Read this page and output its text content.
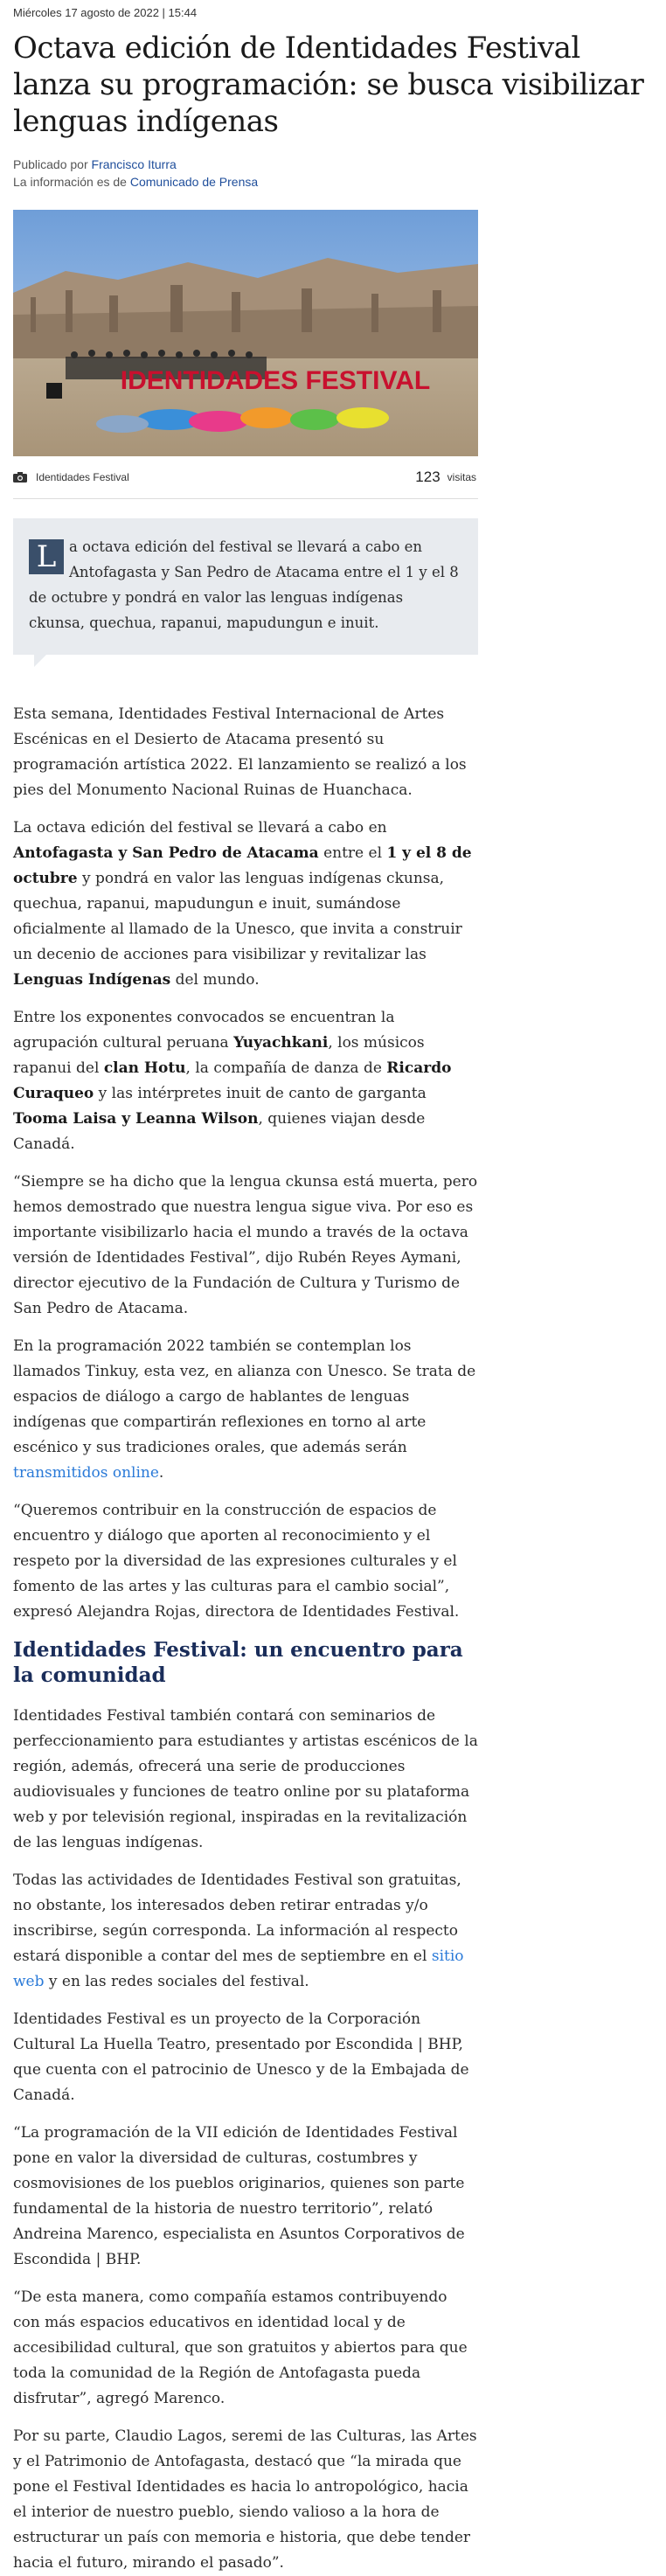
Miércoles 17 agosto de 2022 | 15:44
Octava edición de Identidades Festival lanza su programación: se busca visibilizar lenguas indígenas
Publicado por Francisco Iturra
La información es de Comunicado de Prensa
IDENTIDADES FESTIVAL
Identidades Festival	123 visitas
L a octava edición del festival se llevará a cabo en Antofagasta y San Pedro de Atacama entre el 1 y el 8 de octubre y pondrá en valor las lenguas indígenas ckunsa, quechua, rapanui, mapudungun e inuit.

Esta semana, Identidades Festival Internacional de Artes Escénicas en el Desierto de Atacama presentó su programación artística 2022. El lanzamiento se realizó a los pies del Monumento Nacional Ruinas de Huanchaca.

La octava edición del festival se llevará a cabo en Antofagasta y San Pedro de Atacama entre el 1 y el 8 de octubre y pondrá en valor las lenguas indígenas ckunsa, quechua, rapanui, mapudungun e inuit, sumándose oficialmente al llamado de la Unesco, que invita a construir un decenio de acciones para visibilizar y revitalizar las Lenguas Indígenas del mundo.

Entre los exponentes convocados se encuentran la agrupación cultural peruana Yuyachkani, los músicos rapanui del clan Hotu, la compañía de danza de Ricardo Curaqueo y las intérpretes inuit de canto de garganta Tooma Laisa y Leanna Wilson, quienes viajan desde Canadá.

“Siempre se ha dicho que la lengua ckunsa está muerta, pero hemos demostrado que nuestra lengua sigue viva. Por eso es importante visibilizarlo hacia el mundo a través de la octava versión de Identidades Festival”, dijo Rubén Reyes Aymani, director ejecutivo de la Fundación de Cultura y Turismo de San Pedro de Atacama.

En la programación 2022 también se contemplan los llamados Tinkuy, esta vez, en alianza con Unesco. Se trata de espacios de diálogo a cargo de hablantes de lenguas indígenas que compartirán reflexiones en torno al arte escénico y sus tradiciones orales, que además serán transmitidos online.

“Queremos contribuir en la construcción de espacios de encuentro y diálogo que aporten al reconocimiento y el respeto por la diversidad de las expresiones culturales y el fomento de las artes y las culturas para el cambio social”, expresó Alejandra Rojas, directora de Identidades Festival.

Identidades Festival: un encuentro para la comunidad

Identidades Festival también contará con seminarios de perfeccionamiento para estudiantes y artistas escénicos de la región, además, ofrecerá una serie de producciones audiovisuales y funciones de teatro online por su plataforma web y por televisión regional, inspiradas en la revitalización de las lenguas indígenas.

Todas las actividades de Identidades Festival son gratuitas, no obstante, los interesados deben retirar entradas y/o inscribirse, según corresponda. La información al respecto estará disponible a contar del mes de septiembre en el sitio web y en las redes sociales del festival.

Identidades Festival es un proyecto de la Corporación Cultural La Huella Teatro, presentado por Escondida | BHP, que cuenta con el patrocinio de Unesco y de la Embajada de Canadá.

“La programación de la VII edición de Identidades Festival pone en valor la diversidad de culturas, costumbres y cosmovisiones de los pueblos originarios, quienes son parte fundamental de la historia de nuestro territorio”, relató Andreina Marenco, especialista en Asuntos Corporativos de Escondida | BHP.

“De esta manera, como compañía estamos contribuyendo con más espacios educativos en identidad local y de accesibilidad cultural, que son gratuitos y abiertos para que toda la comunidad de la Región de Antofagasta pueda disfrutar”, agregó Marenco.

Por su parte, Claudio Lagos, seremi de las Culturas, las Artes y el Patrimonio de Antofagasta, destacó que “la mirada que pone el Festival Identidades es hacia lo antropológico, hacia el interior de nuestro pueblo, siendo valioso a la hora de estructurar un país con memoria e historia, que debe tender hacia el futuro, mirando el pasado”.
